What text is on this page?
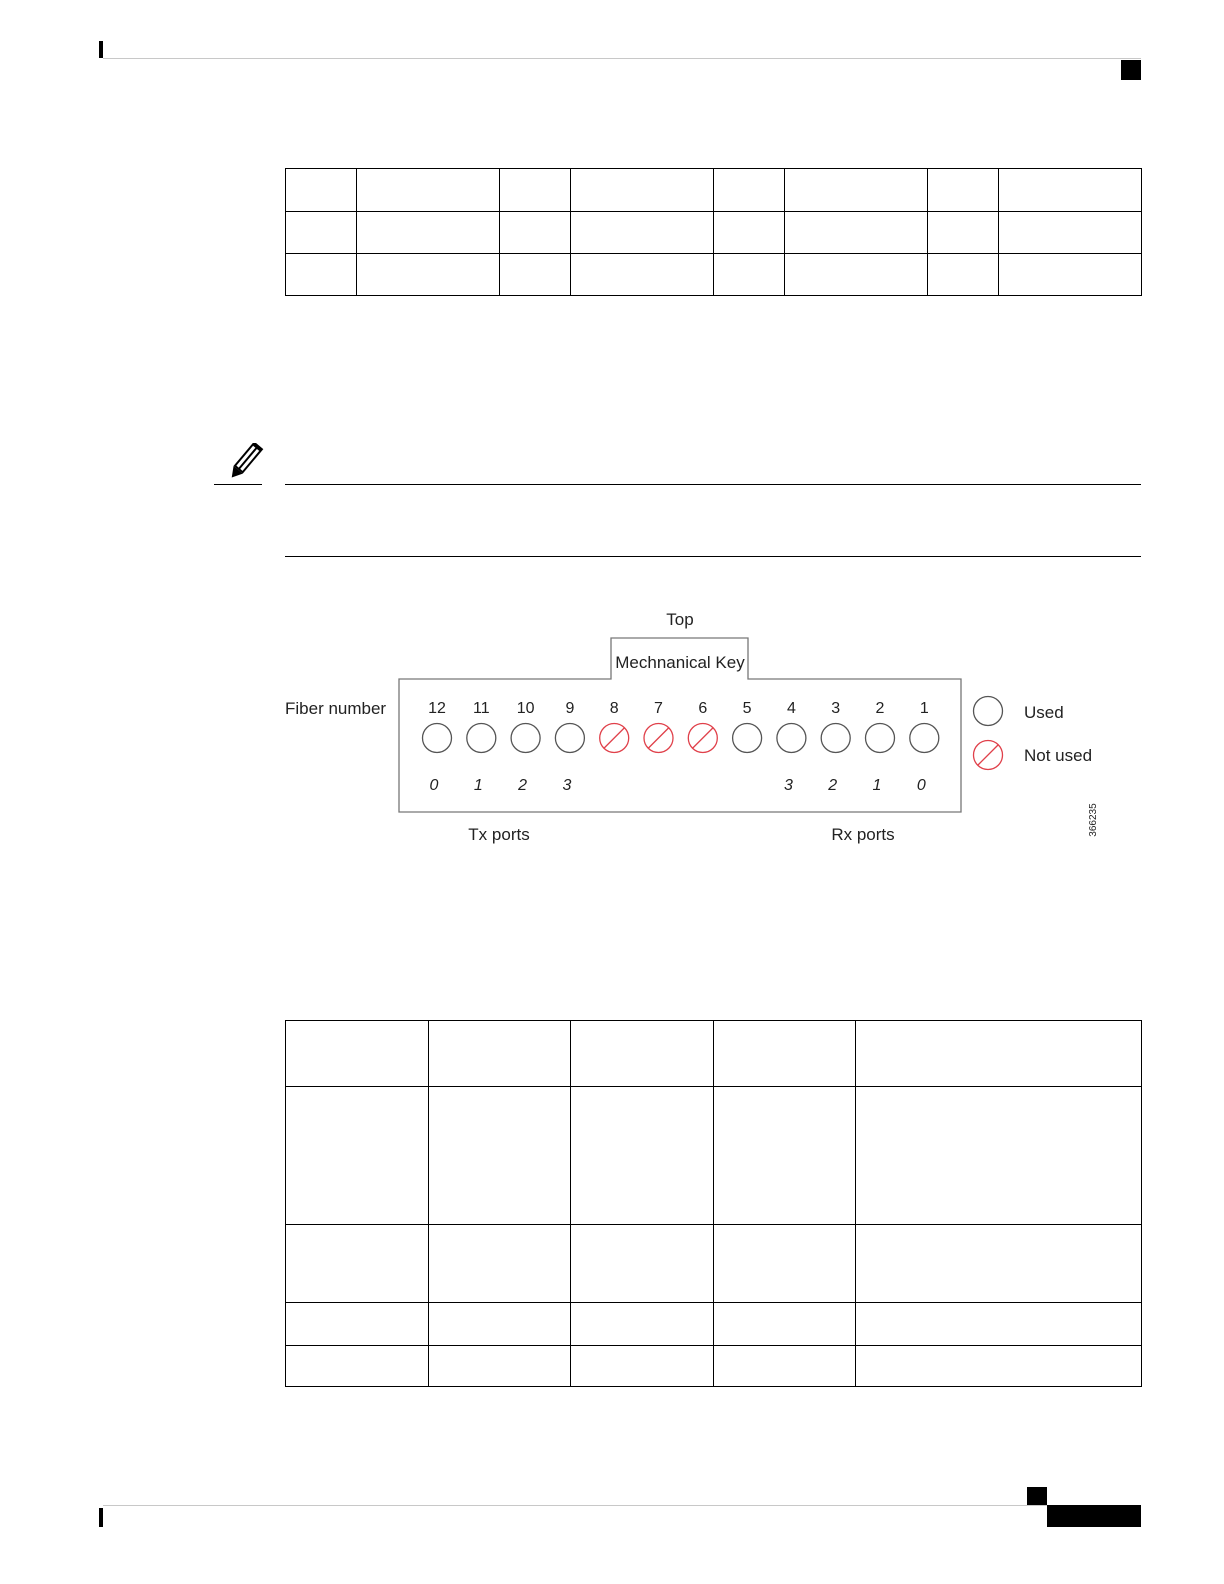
Top
Mechnanical Key
Fiber number
Tx ports	Rx ports	366235
12
0
11
1
10
2
9
3
8 7 6 5 4
3
3
2
2
1
1
0
Used
Not used
